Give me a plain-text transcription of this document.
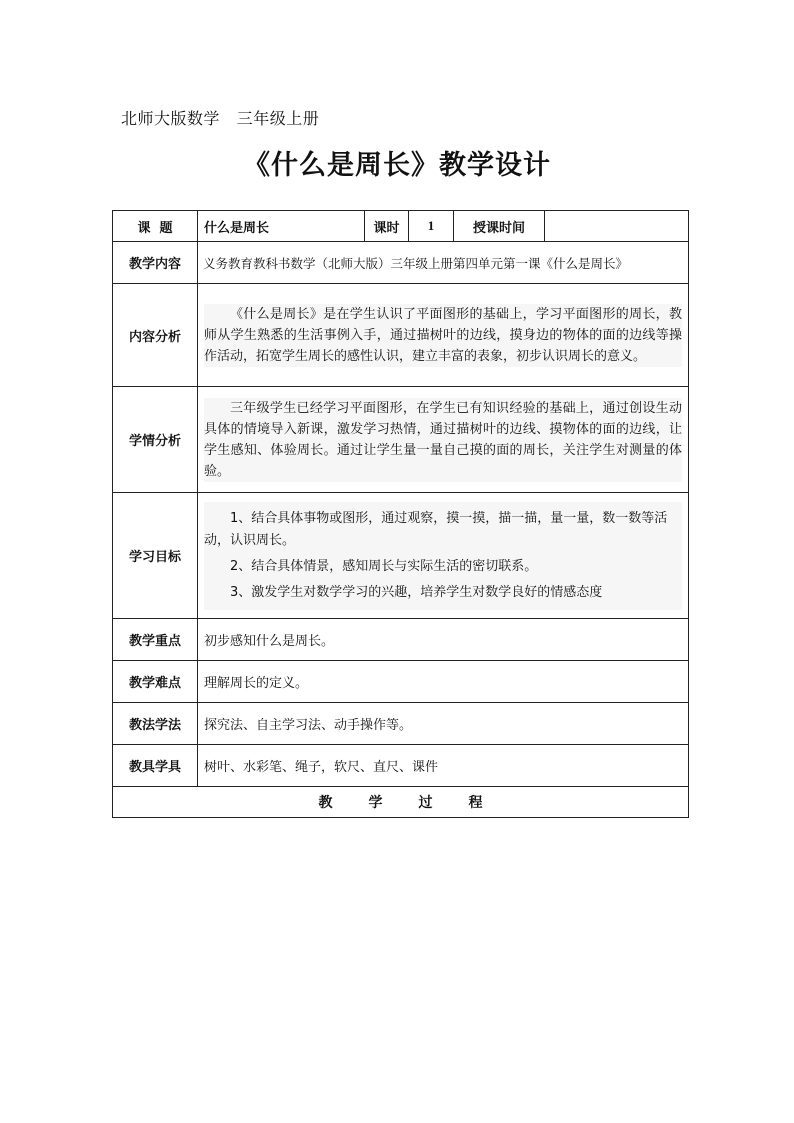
北师大版数学   三年级上册
《什么是周长》教学设计
课  题	什么是周长	课时	1	授课时间	
教学内容	义务教育教科书数学（北师大版）三年级上册第四单元第一课《什么是周长》				
内容分析	《什么是周长》是在学生认识了平面图形的基础上，学习平面图形的周长，教师从学生熟悉的生活事例入手，通过描树叶的边线，摸身边的物体的面的边线等操作活动，拓宽学生周长的感性认识，建立丰富的表象，初步认识周长的意义。				

学情分析	三年级学生已经学习平面图形，在学生已有知识经验的基础上，通过创设生动具体的情境导入新课，激发学习热情，通过描树叶的边线、摸物体的面的边线，让学生感知、体验周长。通过让学生量一量自己摸的面的周长，关注学生对测量的体验。				

学习目标	1、结合具体事物或图形，通过观察，摸一摸，描一描，量一量，数一数等活动，认识周长。

2、结合具体情景，感知周长与实际生活的密切联系。

3、激发学生对数学学习的兴趣，培养学生对数学良好的情感态度				

教学重点	初步感知什么是周长。				
教学难点	理解周长的定义。				
教法学法	探究法、自主学习法、动手操作等。				
教具学具	树叶、水彩笔、绳子，软尺、直尺、课件				

教学过程					
